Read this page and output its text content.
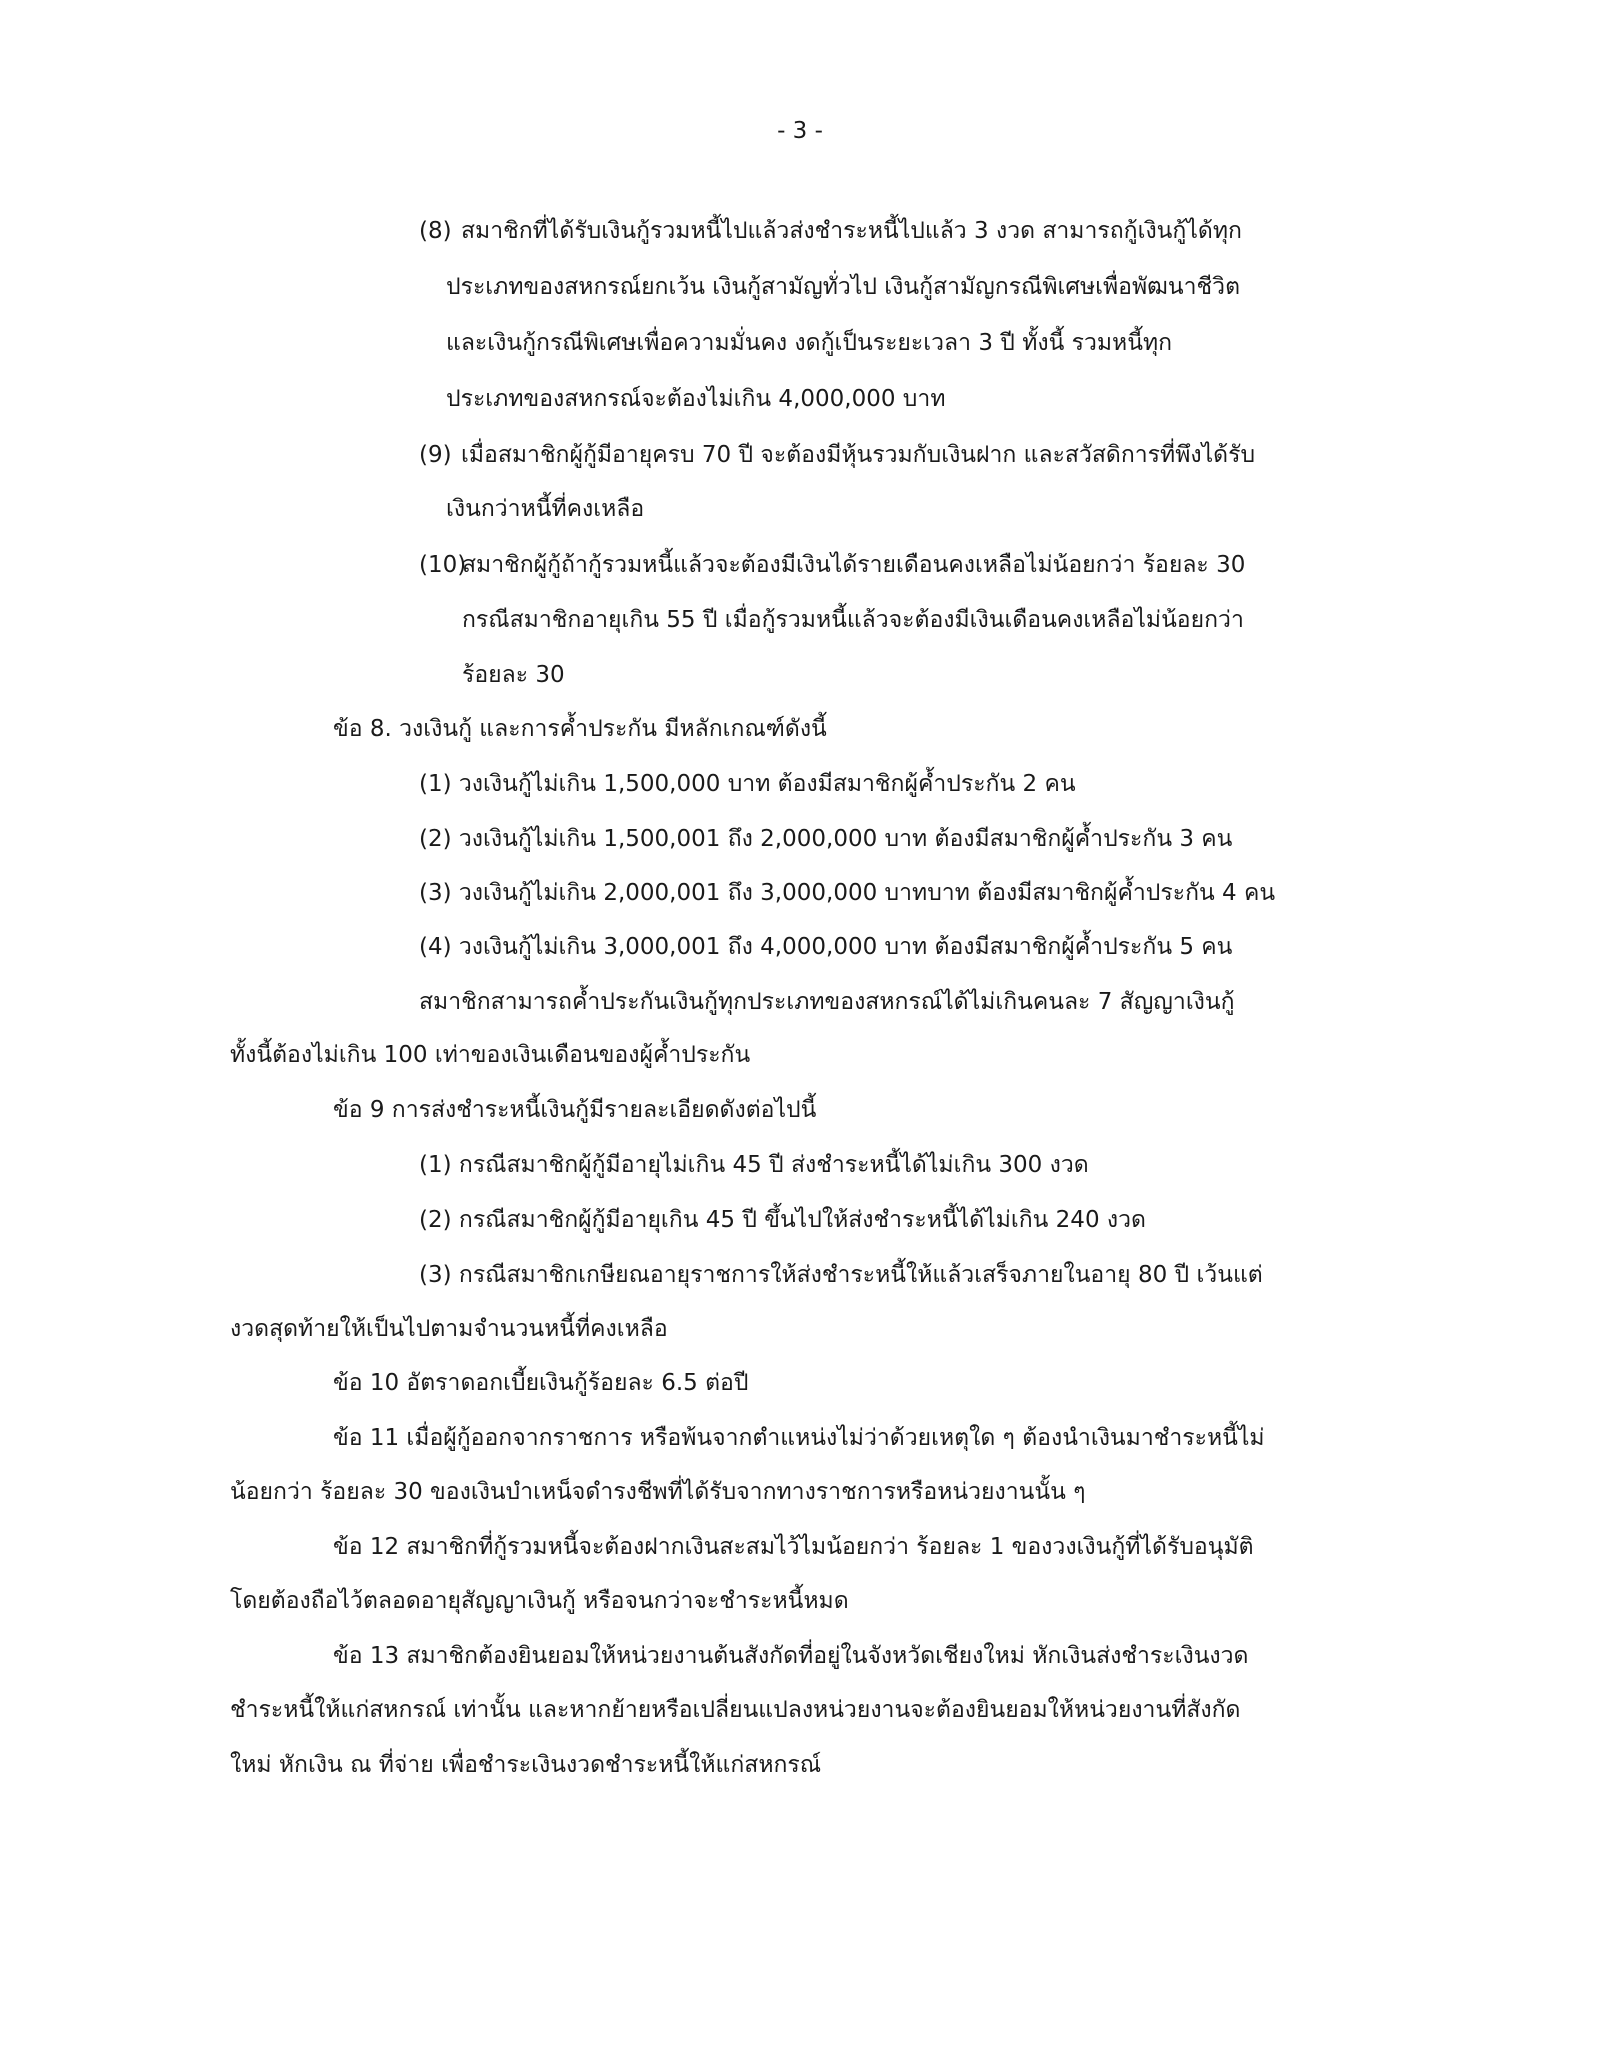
- 3 -
(8) สมาชิกที่ได้รับเงินกู้รวมหนี้ไปแล้วส่งชำระหนี้ไปแล้ว 3 งวด สามารถกู้เงินกู้ได้ทุก
ประเภทของสหกรณ์ยกเว้น เงินกู้สามัญทั่วไป เงินกู้สามัญกรณีพิเศษเพื่อพัฒนาชีวิต
และเงินกู้กรณีพิเศษเพื่อความมั่นคง งดกู้เป็นระยะเวลา 3 ปี ทั้งนี้ รวมหนี้ทุก
ประเภทของสหกรณ์จะต้องไม่เกิน 4,000,000 บาท
(9) เมื่อสมาชิกผู้กู้มีอายุครบ 70 ปี จะต้องมีหุ้นรวมกับเงินฝาก และสวัสดิการที่พึงได้รับ
เงินกว่าหนี้ที่คงเหลือ
(10)
สมาชิกผู้กู้ถ้ากู้รวมหนี้แล้วจะต้องมีเงินได้รายเดือนคงเหลือไม่น้อยกว่า ร้อยละ 30
กรณีสมาชิกอายุเกิน 55 ปี เมื่อกู้รวมหนี้แล้วจะต้องมีเงินเดือนคงเหลือไม่น้อยกว่า
ร้อยละ 30
ข้อ 8. วงเงินกู้ และการค้ำประกัน มีหลักเกณฑ์ดังนี้
(1) วงเงินกู้ไม่เกิน 1,500,000 บาท ต้องมีสมาชิกผู้ค้ำประกัน 2 คน
(2) วงเงินกู้ไม่เกิน 1,500,001 ถึง 2,000,000 บาท ต้องมีสมาชิกผู้ค้ำประกัน 3 คน
(3) วงเงินกู้ไม่เกิน 2,000,001 ถึง 3,000,000 บาทบาท ต้องมีสมาชิกผู้ค้ำประกัน 4 คน
(4) วงเงินกู้ไม่เกิน 3,000,001 ถึง 4,000,000 บาท ต้องมีสมาชิกผู้ค้ำประกัน 5 คน
สมาชิกสามารถค้ำประกันเงินกู้ทุกประเภทของสหกรณ์ได้ไม่เกินคนละ 7 สัญญาเงินกู้
ทั้งนี้ต้องไม่เกิน 100 เท่าของเงินเดือนของผู้ค้ำประกัน
ข้อ 9 การส่งชำระหนี้เงินกู้มีรายละเอียดดังต่อไปนี้
(1) กรณีสมาชิกผู้กู้มีอายุไม่เกิน 45 ปี ส่งชำระหนี้ได้ไม่เกิน 300 งวด
(2) กรณีสมาชิกผู้กู้มีอายุเกิน 45 ปี ขึ้นไปให้ส่งชำระหนี้ได้ไม่เกิน 240 งวด
(3) กรณีสมาชิกเกษียณอายุราชการให้ส่งชำระหนี้ให้แล้วเสร็จภายในอายุ 80 ปี เว้นแต่
งวดสุดท้ายให้เป็นไปตามจำนวนหนี้ที่คงเหลือ
ข้อ 10 อัตราดอกเบี้ยเงินกู้ร้อยละ 6.5 ต่อปี
ข้อ 11 เมื่อผู้กู้ออกจากราชการ หรือพ้นจากตำแหน่งไม่ว่าด้วยเหตุใด ๆ ต้องนำเงินมาชำระหนี้ไม่
น้อยกว่า ร้อยละ 30 ของเงินบำเหน็จดำรงชีพที่ได้รับจากทางราชการหรือหน่วยงานนั้น ๆ
ข้อ 12 สมาชิกที่กู้รวมหนี้จะต้องฝากเงินสะสมไว้ไมน้อยกว่า ร้อยละ 1 ของวงเงินกู้ที่ได้รับอนุมัติ
โดยต้องถือไว้ตลอดอายุสัญญาเงินกู้ หรือจนกว่าจะชำระหนี้หมด
ข้อ 13 สมาชิกต้องยินยอมให้หน่วยงานต้นสังกัดที่อยู่ในจังหวัดเชียงใหม่ หักเงินส่งชำระเงินงวด
ชำระหนี้ให้แก่สหกรณ์ เท่านั้น และหากย้ายหรือเปลี่ยนแปลงหน่วยงานจะต้องยินยอมให้หน่วยงานที่สังกัด
ใหม่ หักเงิน ณ ที่จ่าย เพื่อชำระเงินงวดชำระหนี้ให้แก่สหกรณ์
